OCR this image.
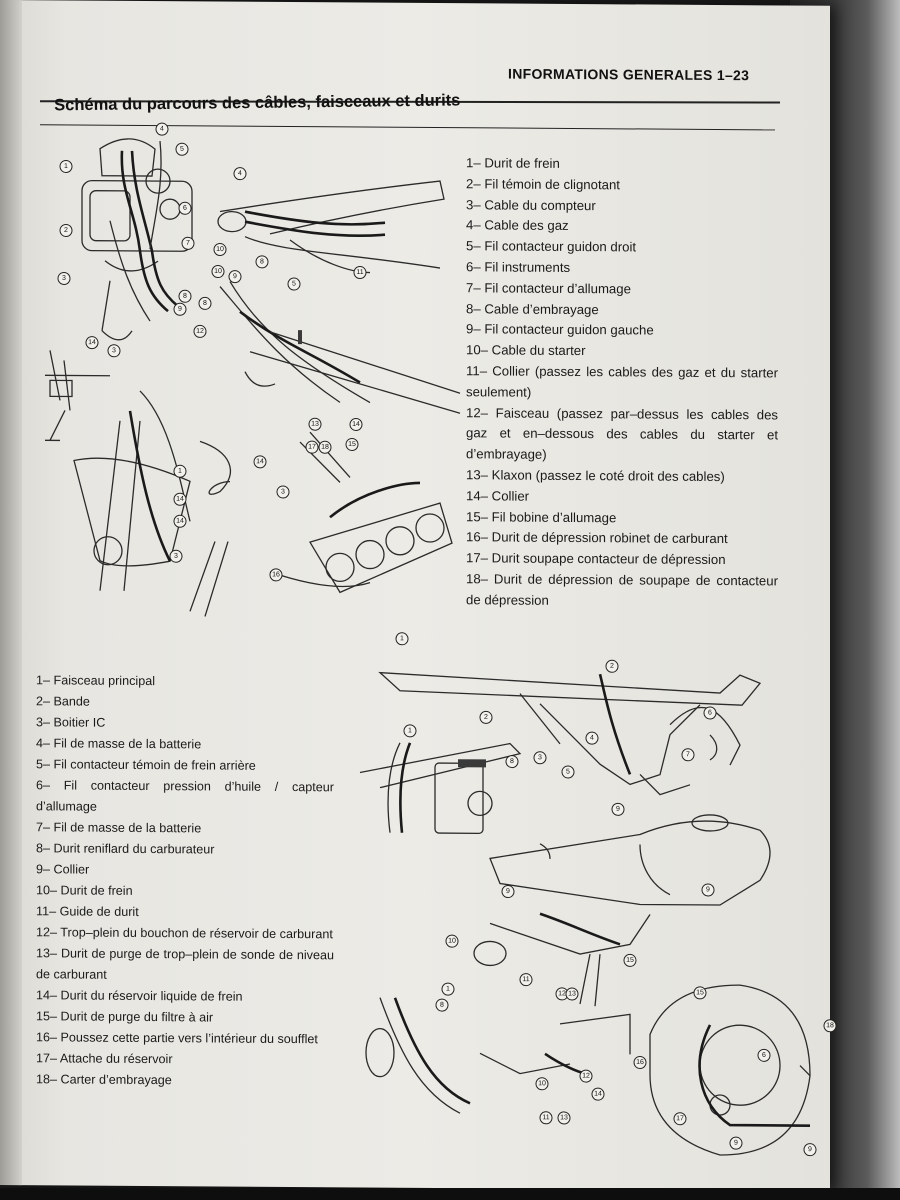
INFORMATIONS GENERALES 1–23
Schéma du parcours des câbles, faisceaux et durits
4
5
1
6
2
7
3
8
9
4
10
8
11
10
9
5
8
12
14
3
13	14
1
14
14
3
14
3
17 18
16
15
1– Durit de frein
2– Fil témoin de clignotant
3– Cable du compteur
4– Cable des gaz
5– Fil contacteur guidon droit
6– Fil instruments
7– Fil contacteur d’allumage
8– Cable d’embrayage
9– Fil contacteur guidon gauche
10– Cable du starter
11– Collier (passez les cables des gaz et du starter seulement)
12– Faisceau (passez par–dessus les cables des gaz et en–dessous des cables du starter et d’embrayage)
13– Klaxon (passez le coté droit des cables)
14– Collier
15– Fil bobine d’allumage
16– Durit de dépression robinet de carburant
17– Durit soupape contacteur de dépression
18– Durit de dépression de soupape de contacteur de dépression
1
2
6
3
4
5
7
1
2
8
9
9
9
10
11
12 13
15
1
8
10
11 13
14
12
16
15
18
6
17
9
9
1– Faisceau principal
2– Bande
3– Boitier IC
4– Fil de masse de la batterie
5– Fil contacteur témoin de frein arrière
6– Fil contacteur pression d’huile / capteur d’allumage
7– Fil de masse de la batterie
8– Durit reniflard du carburateur
9– Collier
10– Durit de frein
11– Guide de durit
12– Trop–plein du bouchon de réservoir de carburant
13– Durit de purge de trop–plein de sonde de niveau de carburant
14– Durit du réservoir liquide de frein
15– Durit de purge du filtre à air
16– Poussez cette partie vers l’intérieur du soufflet
17– Attache du réservoir
18– Carter d’embrayage
